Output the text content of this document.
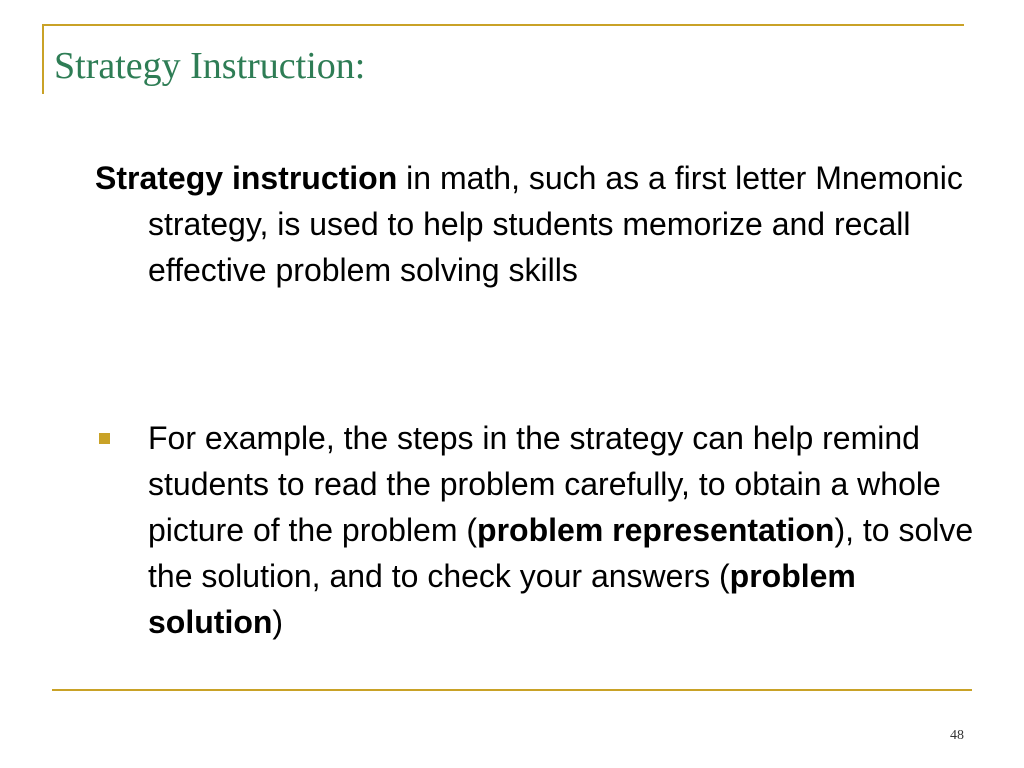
Strategy Instruction:

Strategy instruction in math, such as a first letter Mnemonic strategy, is used to help students memorize and recall effective problem solving skills

For example, the steps in the strategy can help remind students to read the problem carefully, to obtain a whole picture of the problem (problem representation), to solve the solution, and to check your answers (problem solution)

48
